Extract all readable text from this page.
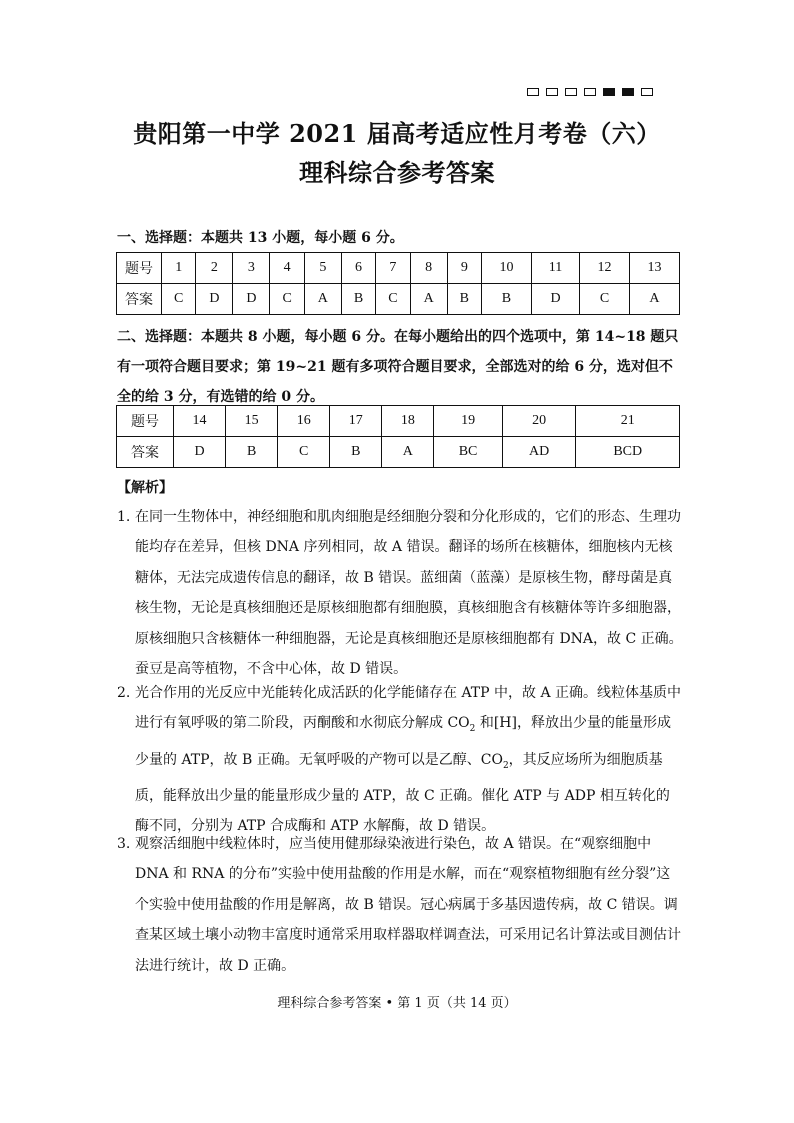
贵阳第一中学 2021 届高考适应性月考卷（六）
理科综合参考答案
一、选择题：本题共 13 小题，每小题 6 分。
题号	1	2	3	4	5	6	7	8	9	10	11	12	13
答案	C	D	D	C	A	B	C	A	B	B	D	C	A
二、选择题：本题共 8 小题，每小题 6 分。在每小题给出的四个选项中，第 14~18 题只有一项符合题目要求；第 19~21 题有多项符合题目要求，全部选对的给 6 分，选对但不全的给 3 分，有选错的给 0 分。
题号	14	15	16	17	18	19	20	21
答案	D	B	C	B	A	BC	AD	BCD
【解析】
1. 在同一生物体中，神经细胞和肌肉细胞是经细胞分裂和分化形成的，它们的形态、生理功能均存在差异，但核 DNA 序列相同，故 A 错误。翻译的场所在核糖体，细胞核内无核糖体，无法完成遗传信息的翻译，故 B 错误。蓝细菌（蓝藻）是原核生物，酵母菌是真核生物，无论是真核细胞还是原核细胞都有细胞膜，真核细胞含有核糖体等许多细胞器，原核细胞只含核糖体一种细胞器，无论是真核细胞还是原核细胞都有 DNA，故 C 正确。蚕豆是高等植物，不含中心体，故 D 错误。
2. 光合作用的光反应中光能转化成活跃的化学能储存在 ATP 中，故 A 正确。线粒体基质中进行有氧呼吸的第二阶段，丙酮酸和水彻底分解成 $CO_2$ 和[H]，释放出少量的能量形成少量的 ATP，故 B 正确。无氧呼吸的产物可以是乙醇、$CO_2$，其反应场所为细胞质基质，能释放出少量的能量形成少量的 ATP，故 C 正确。催化 ATP 与 ADP 相互转化的酶不同，分别为 ATP 合成酶和 ATP 水解酶，故 D 错误。
3. 观察活细胞中线粒体时，应当使用健那绿染液进行染色，故 A 错误。在“观察细胞中 DNA 和 RNA 的分布”实验中使用盐酸的作用是水解，而在“观察植物细胞有丝分裂”这个实验中使用盐酸的作用是解离，故 B 错误。冠心病属于多基因遗传病，故 C 错误。调查某区域土壤小动物丰富度时通常采用取样器取样调查法，可采用记名计算法或目测估计法进行统计，故 D 正确。
理科综合参考答案 • 第 1 页（共 14 页）
